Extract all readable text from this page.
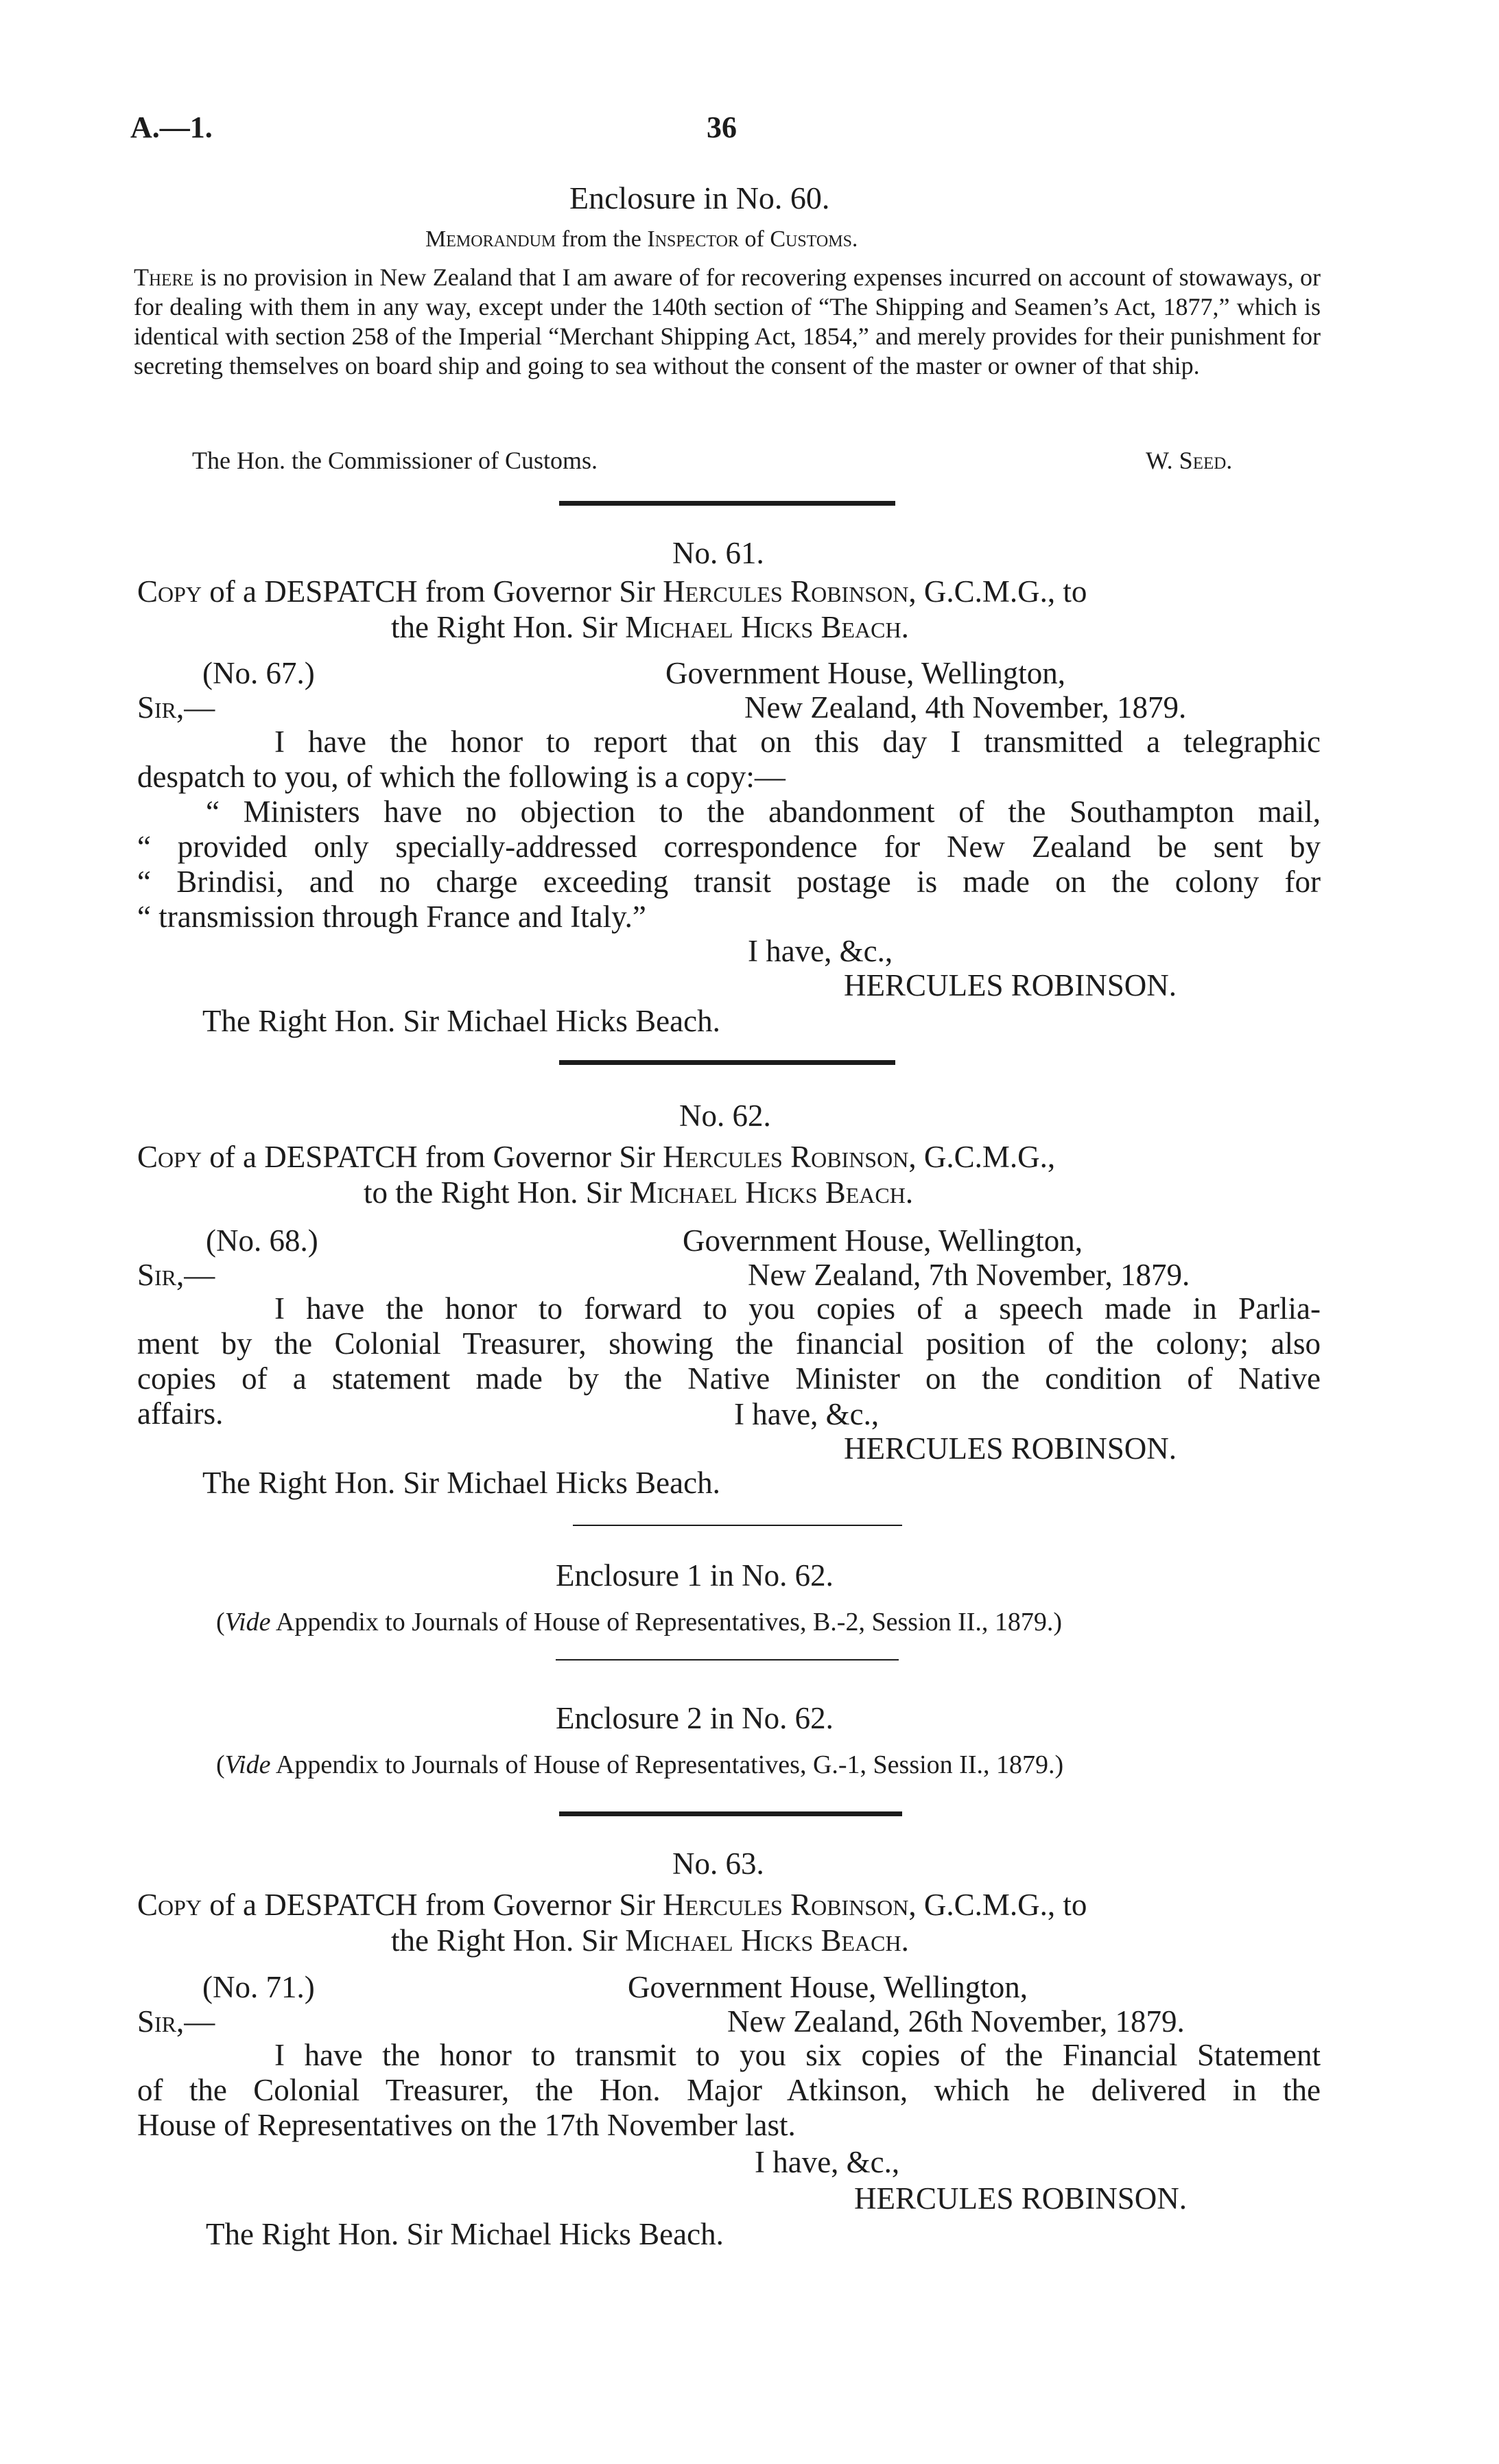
A.—1.	36
Enclosure in No. 60.
Memorandum from the Inspector of Customs.
There is no provision in New Zealand that I am aware of for recovering expenses incurred on account of stowaways, or for dealing with them in any way, except under the 140th section of “The Shipping and Seamen’s Act, 1877,” which is identical with section 258 of the Imperial “Merchant Shipping Act, 1854,” and merely provides for their punishment for secreting themselves on board ship and going to sea without the consent of the master or owner of that ship.
The Hon. the Commissioner of Customs.	W. Seed.
No. 61.
Copy of a DESPATCH from Governor Sir Hercules Robinson, G.C.M.G., to
the Right Hon. Sir Michael Hicks Beach.
(No. 67.)	Government House, Wellington,
Sir,—	New Zealand, 4th November, 1879.
I have the honor to report that on this day I transmitted a telegraphic
despatch to you, of which the following is a copy:—
“ Ministers have no objection to the abandonment of the Southampton mail,
“ provided only specially-addressed correspondence for New Zealand be sent by
“ Brindisi, and no charge exceeding transit postage is made on the colony for
“ transmission through France and Italy.”
I have, &c.,
HERCULES ROBINSON.
The Right Hon. Sir Michael Hicks Beach.
No. 62.
Copy of a DESPATCH from Governor Sir Hercules Robinson, G.C.M.G.,
to the Right Hon. Sir Michael Hicks Beach.
(No. 68.)	Government House, Wellington,
Sir,—	New Zealand, 7th November, 1879.
I have the honor to forward to you copies of a speech made in Parlia-
ment by the Colonial Treasurer, showing the financial position of the colony; also
copies of a statement made by the Native Minister on the condition of Native
affairs.	I have, &c.,
HERCULES ROBINSON.
The Right Hon. Sir Michael Hicks Beach.
Enclosure 1 in No. 62.
(Vide Appendix to Journals of House of Representatives, B.-2, Session II., 1879.)
Enclosure 2 in No. 62.
(Vide Appendix to Journals of House of Representatives, G.-1, Session II., 1879.)
No. 63.
Copy of a DESPATCH from Governor Sir Hercules Robinson, G.C.M.G., to
the Right Hon. Sir Michael Hicks Beach.
(No. 71.)	Government House, Wellington,
Sir,—	New Zealand, 26th November, 1879.
I have the honor to transmit to you six copies of the Financial Statement
of the Colonial Treasurer, the Hon. Major Atkinson, which he delivered in the
House of Representatives on the 17th November last.
I have, &c.,
HERCULES ROBINSON.
The Right Hon. Sir Michael Hicks Beach.
